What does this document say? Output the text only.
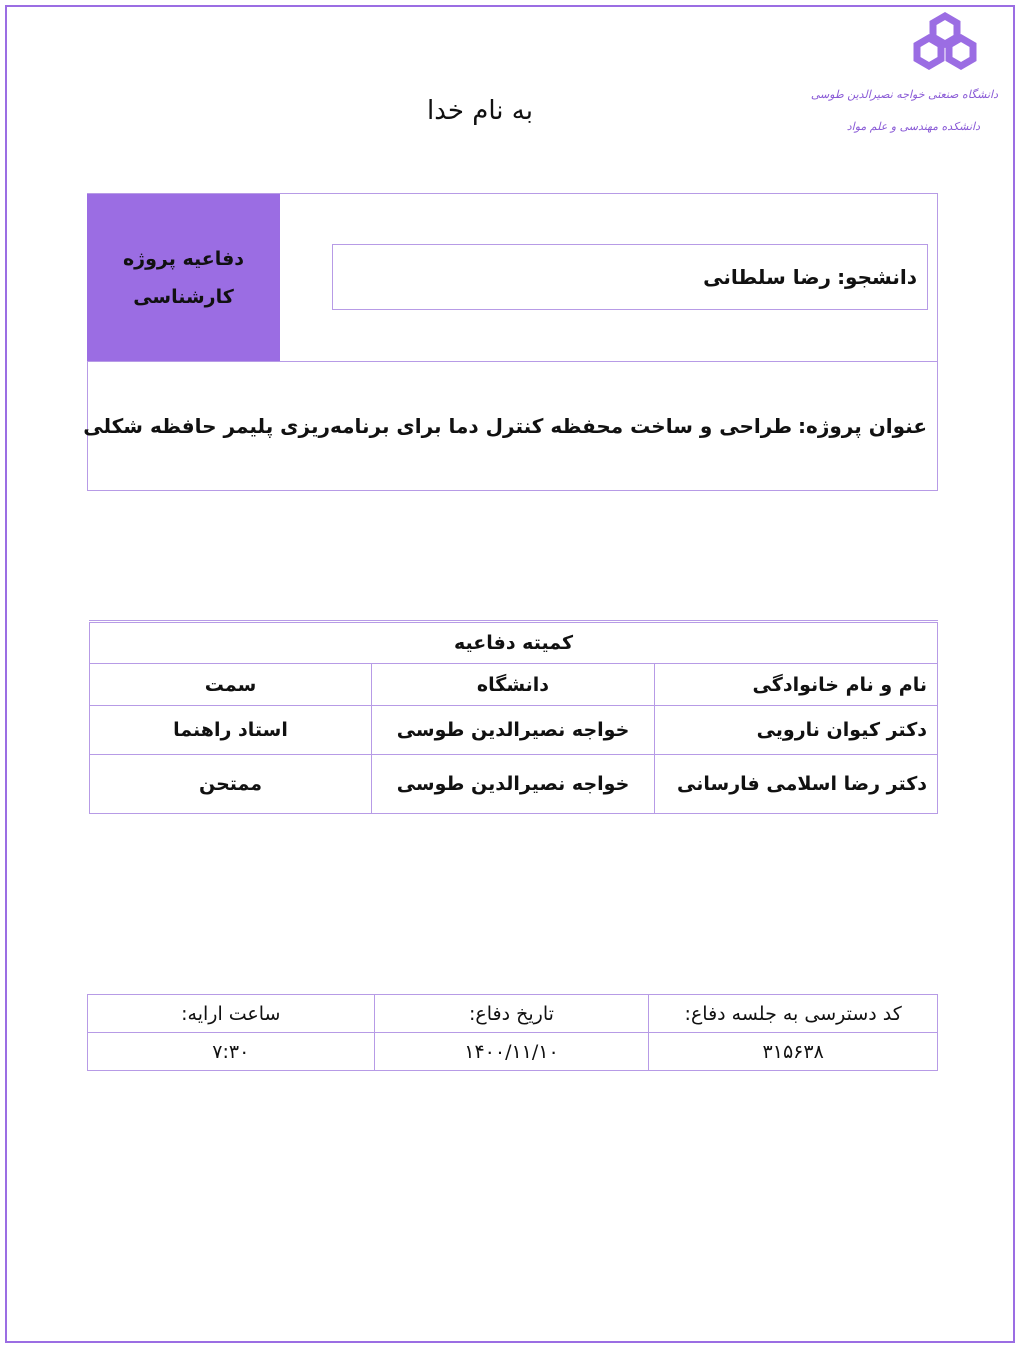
دانشگاه صنعتی خواجه نصیرالدین طوسی
دانشکده مهندسی و علم مواد
به نام خدا
دفاعیه پروژه
کارشناسی
دانشجو:
رضا سلطانی
عنوان پروژه:
طراحی و ساخت محفظه کنترل دما برای برنامه‌ریزی پلیمر حافظه شکلی
کمیته دفاعیه		
نام و نام خانوادگی	دانشگاه	سمت
دکتر کیوان نارویی	خواجه نصیرالدین طوسی	استاد راهنما
دکتر رضا اسلامی فارسانی	خواجه نصیرالدین طوسی	ممتحن
کد دسترسی به جلسه دفاع:	تاریخ دفاع:	ساعت ارایه:
۳۱۵۶۳۸	۱۴۰۰/۱۱/۱۰	۷:۳۰
